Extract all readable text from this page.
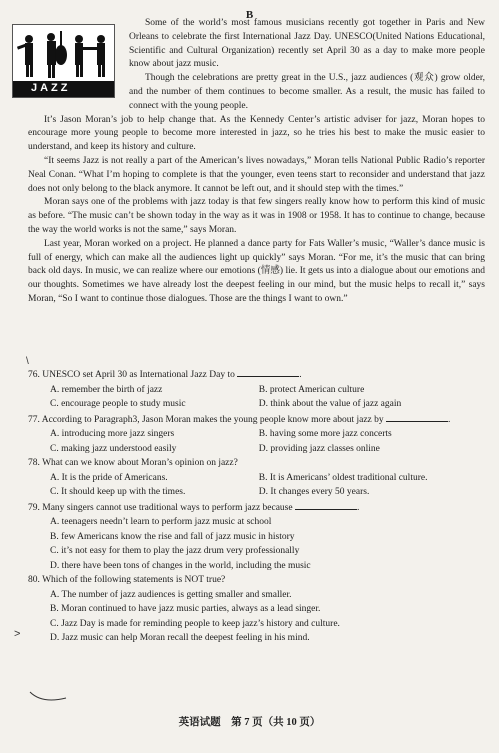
B
JAZZ

Some of the world’s most famous musicians recently got together in Paris and New Orleans to celebrate the first International Jazz Day. UNESCO(United Nations Educational, Scientific and Cultural Organization) recently set April 30 as a day to make more people know about jazz music.

Though the celebrations are pretty great in the U.S., jazz audiences (观众) grow older, and the number of them continues to become smaller. As a result, the music has failed to connect with the young people.

It’s Jason Moran’s job to help change that. As the Kennedy Center’s artistic adviser for jazz, Moran hopes to encourage more young people to become more interested in jazz, so he tries his best to make the music easier to understand, and keep its history and culture.

“It seems Jazz is not really a part of the American’s lives nowadays,” Moran tells National Public Radio’s reporter Neal Conan. “What I’m hoping to complete is that the younger, even teens start to reconsider and understand that jazz does not only belong to the black anymore. It cannot be left out, and it should step with the times.”

Moran says one of the problems with jazz today is that few singers really know how to perform this kind of music as before. “The music can’t be shown today in the way as it was in 1908 or 1958. It has to continue to change, because the way the world works is not the same,” says Moran.

Last year, Moran worked on a project. He planned a dance party for Fats Waller’s music, “Waller’s dance music is full of energy, which can make all the audiences light up quickly” says Moran. “For me, it’s the music that can bring back old days. In music, we can realize where our emotions (情感) lie. It gets us into a dialogue about our emotions and our thoughts. Sometimes we have already lost the deepest feeling in our mind, but the music helps to recall it,” says Moran, “So I want to continue those dialogues. Those are the things I want to own.”

76. UNESCO set April 30 as International Jazz Day to	.

A. remember the birth of jazz	B. protect American culture
C. encourage people to study music	D. think about the value of jazz again

77. According to Paragraph3, Jason Moran makes the young people know more about jazz by	.

A. introducing more jazz singers	B. having some more jazz concerts
C. making jazz understood easily	D. providing jazz classes online

78. What can we know about Moran’s opinion on jazz?

A. It is the pride of Americans.	B. It is Americans’ oldest traditional culture.
C. It should keep up with the times.	D. It changes every 50 years.

79. Many singers cannot use traditional ways to perform jazz because	.

A. teenagers needn’t learn to perform jazz music at school
B. few Americans know the rise and fall of jazz music in history
C. it’s not easy for them to play the jazz drum very professionally
D. there have been tons of changes in the world, including the music

80. Which of the following statements is NOT true?

A. The number of jazz audiences is getting smaller and smaller.
B. Moran continued to have jazz music parties, always as a lead singer.
C. Jazz Day is made for reminding people to keep jazz’s history and culture.
D. Jazz music can help Moran recall the deepest feeling in his mind.
\
>
英语试题　第 7 页（共 10 页）
